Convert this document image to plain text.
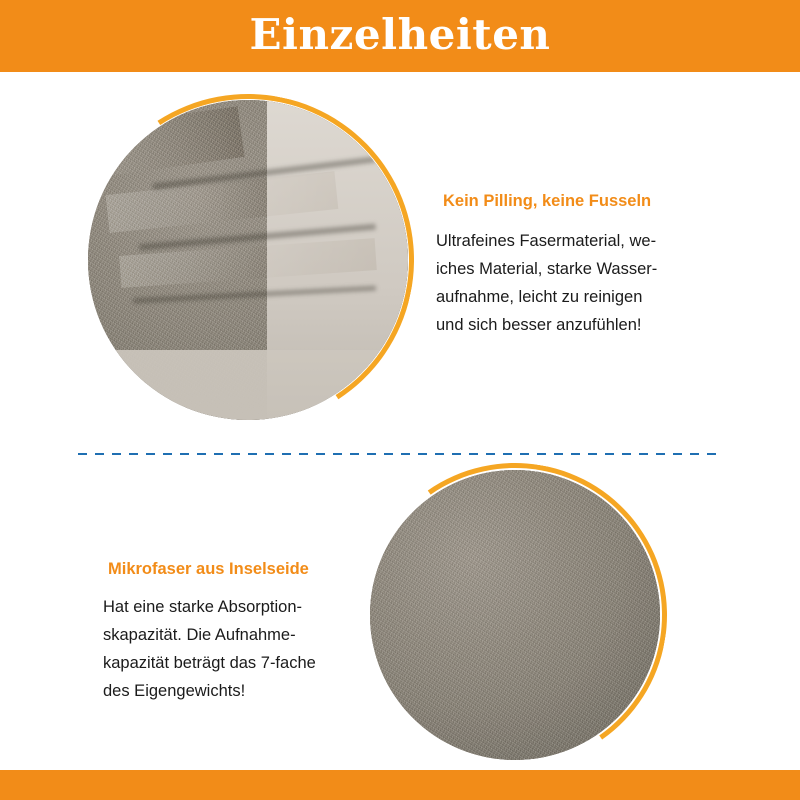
Einzelheiten
Kein Pilling, keine Fusseln
Ultrafeines Fasermaterial, we-
iches Material, starke Wasser-
aufnahme, leicht zu reinigen
und sich besser anzufühlen!
Mikrofaser aus Inselseide
Hat eine starke Absorption-
skapazität. Die Aufnahme-
kapazität beträgt das 7-fache
des Eigengewichts!
